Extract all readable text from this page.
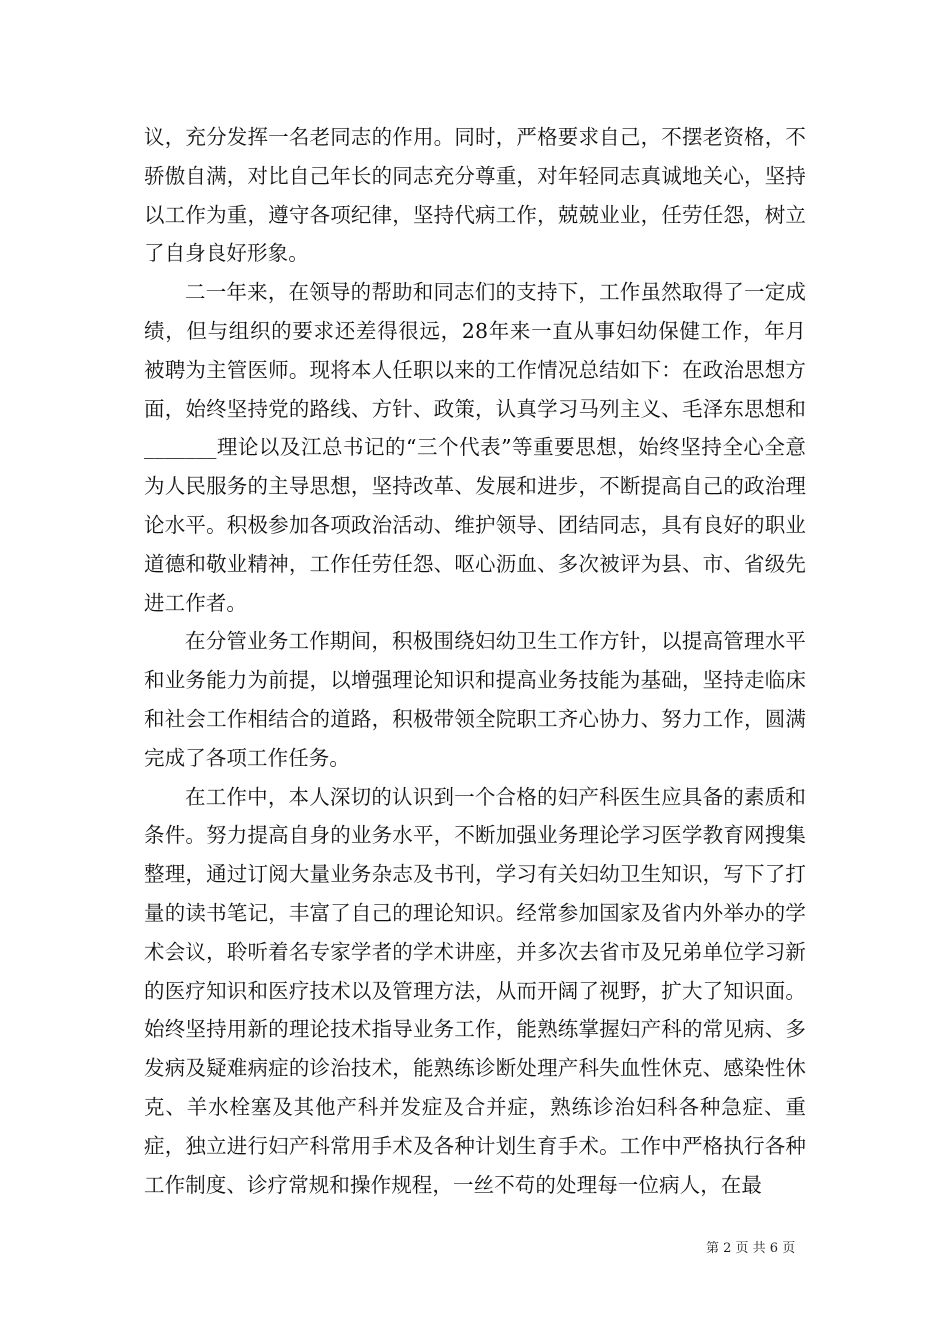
议，充分发挥一名老同志的作用。同时，严格要求自己，不摆老资格，不骄傲自满，对比自己年长的同志充分尊重，对年轻同志真诚地关心，坚持以工作为重，遵守各项纪律，坚持代病工作，兢兢业业，任劳任怨，树立了自身良好形象。

二一年来，在领导的帮助和同志们的支持下，工作虽然取得了一定成绩，但与组织的要求还差得很远，28年来一直从事妇幼保健工作，年月被聘为主管医师。现将本人任职以来的工作情况总结如下：在政治思想方面，始终坚持党的路线、方针、政策，认真学习马列主义、毛泽东思想和_______理论以及江总书记的“三个代表”等重要思想，始终坚持全心全意为人民服务的主导思想，坚持改革、发展和进步，不断提高自己的政治理论水平。积极参加各项政治活动、维护领导、团结同志，具有良好的职业道德和敬业精神，工作任劳任怨、呕心沥血、多次被评为县、市、省级先进工作者。

在分管业务工作期间，积极围绕妇幼卫生工作方针，以提高管理水平和业务能力为前提，以增强理论知识和提高业务技能为基础，坚持走临床和社会工作相结合的道路，积极带领全院职工齐心协力、努力工作，圆满完成了各项工作任务。

在工作中，本人深切的认识到一个合格的妇产科医生应具备的素质和条件。努力提高自身的业务水平，不断加强业务理论学习医学教育网搜集整理，通过订阅大量业务杂志及书刊，学习有关妇幼卫生知识，写下了打量的读书笔记，丰富了自己的理论知识。经常参加国家及省内外举办的学术会议，聆听着名专家学者的学术讲座，并多次去省市及兄弟单位学习新的医疗知识和医疗技术以及管理方法，从而开阔了视野，扩大了知识面。始终坚持用新的理论技术指导业务工作，能熟练掌握妇产科的常见病、多发病及疑难病症的诊治技术，能熟练诊断处理产科失血性休克、感染性休克、羊水栓塞及其他产科并发症及合并症，熟练诊治妇科各种急症、重症，独立进行妇产科常用手术及各种计划生育手术。工作中严格执行各种工作制度、诊疗常规和操作规程，一丝不苟的处理每一位病人，在最

第 2 页 共 6 页
